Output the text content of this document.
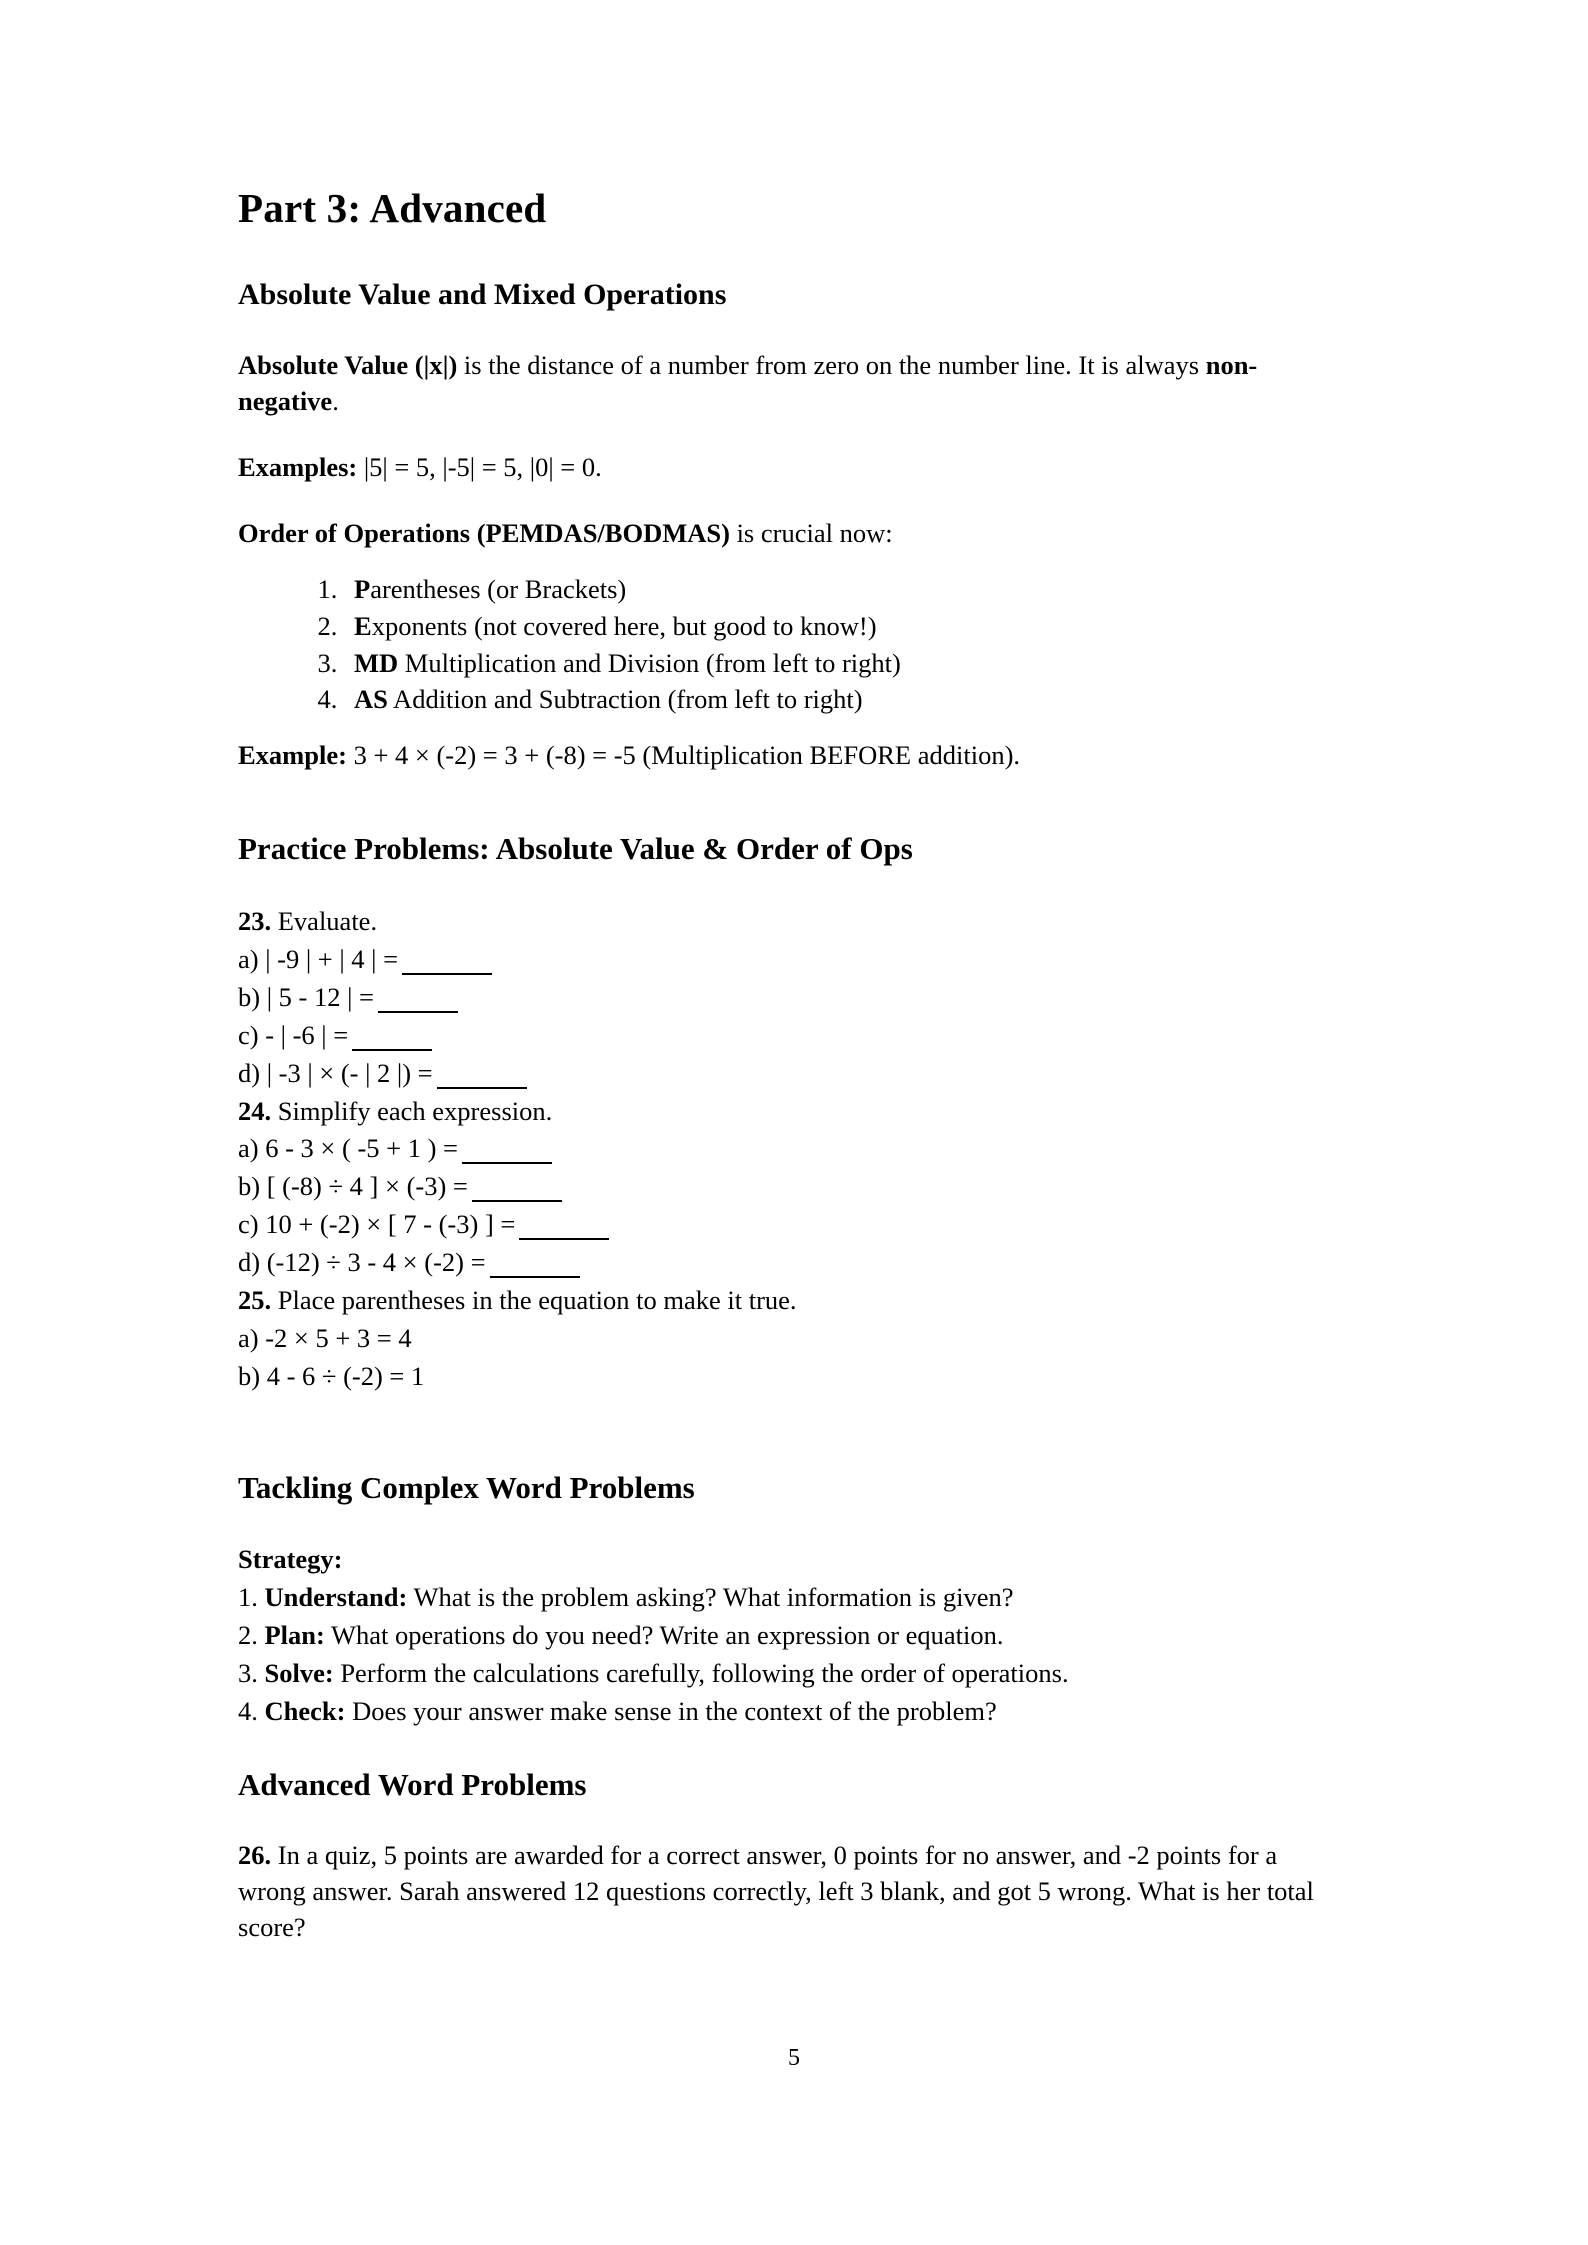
Part 3: Advanced
Absolute Value and Mixed Operations

Absolute Value (|x|) is the distance of a number from zero on the number line. It is always non-negative.

Examples: |5| = 5, |-5| = 5, |0| = 0.

Order of Operations (PEMDAS/BODMAS) is crucial now:

1. Parentheses (or Brackets)
2. Exponents (not covered here, but good to know!)
3. MD Multiplication and Division (from left to right)
4. AS Addition and Subtraction (from left to right)

Example: 3 + 4 × (-2) = 3 + (-8) = -5 (Multiplication BEFORE addition).

Practice Problems: Absolute Value & Order of Ops
23. Evaluate.
a) | -9 | + | 4 | =
b) | 5 - 12 | =
c) - | -6 | =
d) | -3 | × (- | 2 |) =
24. Simplify each expression.
a) 6 - 3 × ( -5 + 1 ) =
b) [ (-8) ÷ 4 ] × (-3) =
c) 10 + (-2) × [ 7 - (-3) ] =
d) (-12) ÷ 3 - 4 × (-2) =
25. Place parentheses in the equation to make it true.
a) -2 × 5 + 3 = 4
b) 4 - 6 ÷ (-2) = 1
Tackling Complex Word Problems
Strategy:
1. Understand: What is the problem asking? What information is given?
2. Plan: What operations do you need? Write an expression or equation.
3. Solve: Perform the calculations carefully, following the order of operations.
4. Check: Does your answer make sense in the context of the problem?
Advanced Word Problems

26. In a quiz, 5 points are awarded for a correct answer, 0 points for no answer, and -2 points for a wrong answer. Sarah answered 12 questions correctly, left 3 blank, and got 5 wrong. What is her total score?

5
